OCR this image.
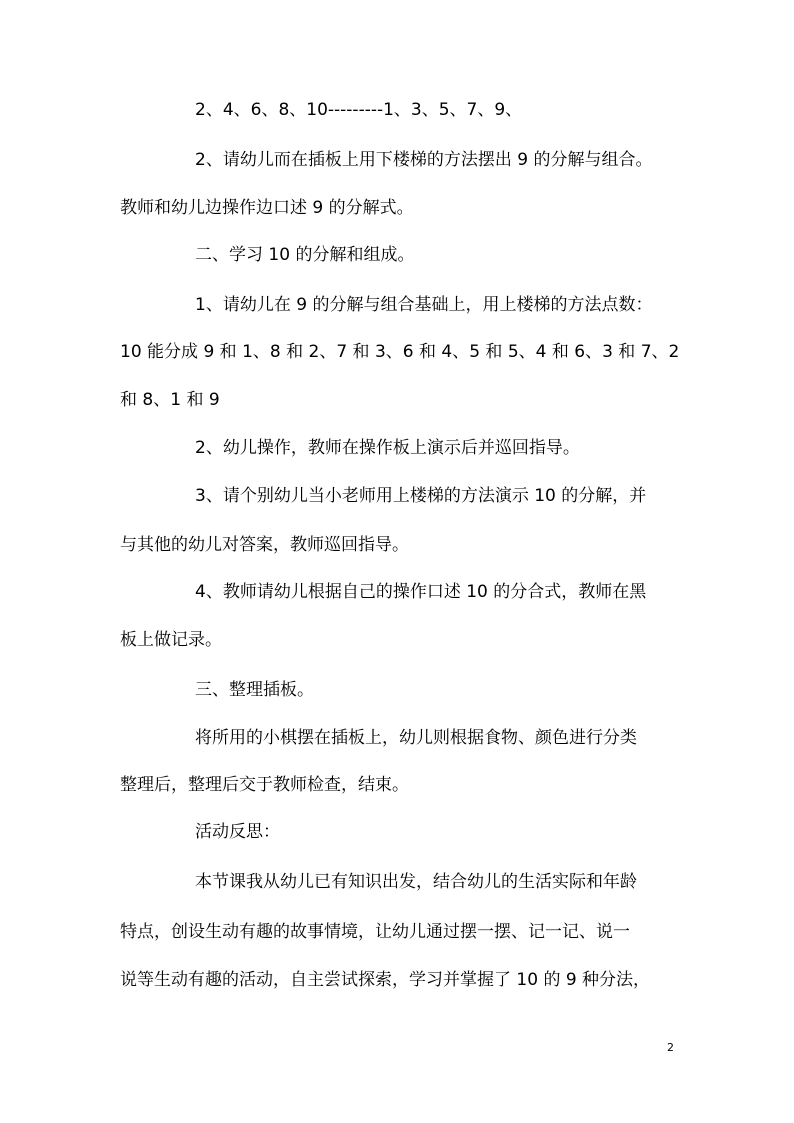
2、4、6、8、10---------1、3、5、7、9、
2、请幼儿而在插板上用下楼梯的方法摆出 9 的分解与组合。
教师和幼儿边操作边口述 9 的分解式。
二、学习 10 的分解和组成。
1、请幼儿在 9 的分解与组合基础上，用上楼梯的方法点数：
10 能分成 9 和 1、8 和 2、7 和 3、6 和 4、5 和 5、4 和 6、3 和 7、2
和 8、1 和 9
2、幼儿操作，教师在操作板上演示后并巡回指导。
3、请个别幼儿当小老师用上楼梯的方法演示 10 的分解，并
与其他的幼儿对答案，教师巡回指导。
4、教师请幼儿根据自己的操作口述 10 的分合式，教师在黑
板上做记录。
三、整理插板。
将所用的小棋摆在插板上，幼儿则根据食物、颜色进行分类
整理后，整理后交于教师检查，结束。
活动反思：
本节课我从幼儿已有知识出发，结合幼儿的生活实际和年龄
特点，创设生动有趣的故事情境，让幼儿通过摆一摆、记一记、说一
说等生动有趣的活动，自主尝试探索，学习并掌握了 10 的 9 种分法，
2
